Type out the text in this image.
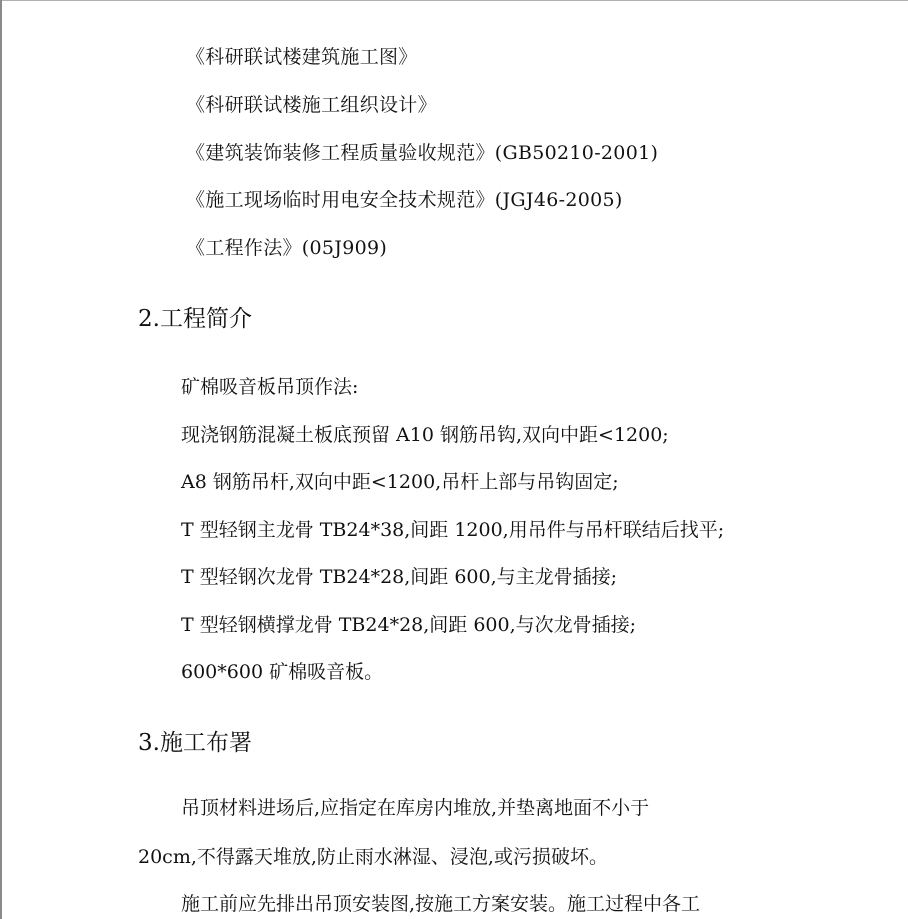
《科研联试楼建筑施工图》
《科研联试楼施工组织设计》
《建筑装饰装修工程质量验收规范》(GB50210-2001)
《施工现场临时用电安全技术规范》(JGJ46-2005)
《工程作法》(05J909)
2.工程简介
矿棉吸音板吊顶作法:
现浇钢筋混凝土板底预留 A10 钢筋吊钩,双向中距<1200;
A8 钢筋吊杆,双向中距<1200,吊杆上部与吊钩固定;
T 型轻钢主龙骨 TB24*38,间距 1200,用吊件与吊杆联结后找平;
T 型轻钢次龙骨 TB24*28,间距 600,与主龙骨插接;
T 型轻钢横撑龙骨 TB24*28,间距 600,与次龙骨插接;
600*600 矿棉吸音板。
3.施工布署
吊顶材料进场后,应指定在库房内堆放,并垫离地面不小于
20cm,不得露天堆放,防止雨水淋湿、浸泡,或污损破坏。
施工前应先排出吊顶安装图,按施工方案安装。施工过程中各工
